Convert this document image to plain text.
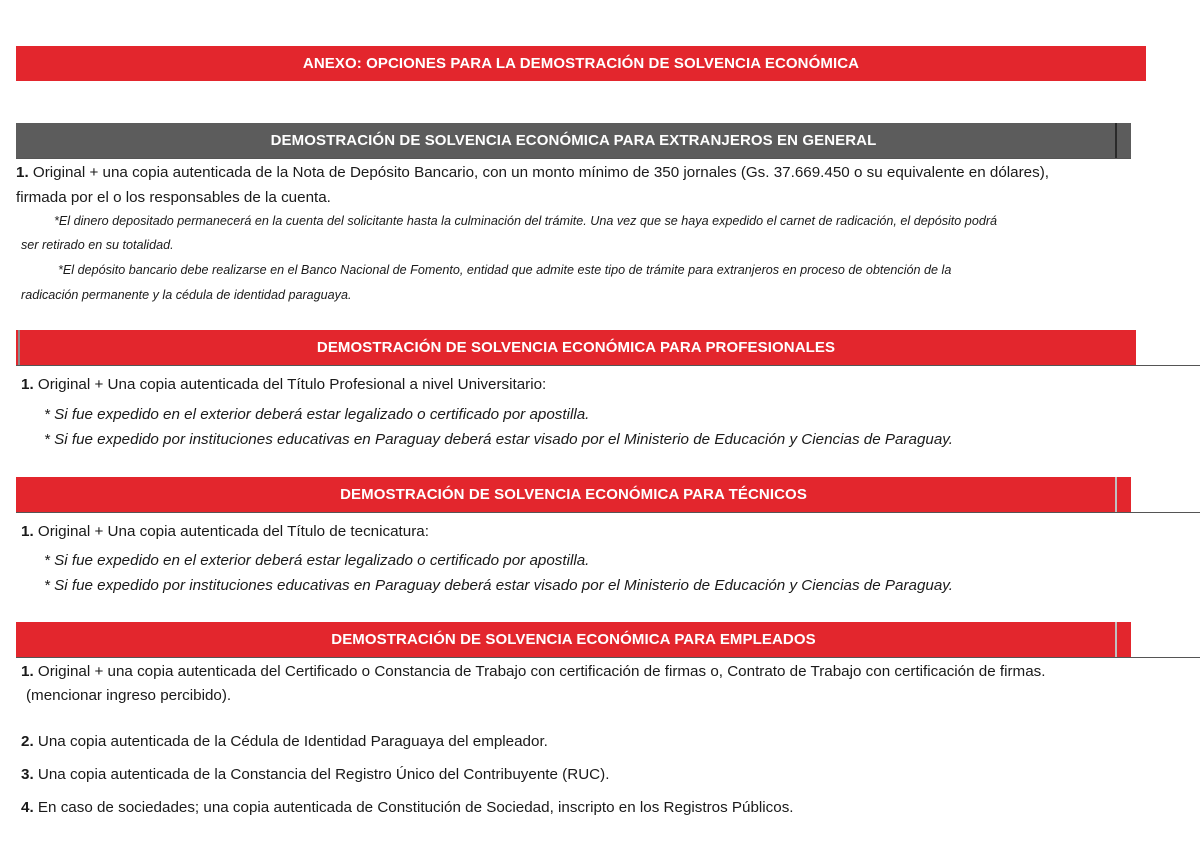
ANEXO: OPCIONES PARA LA DEMOSTRACIÓN DE SOLVENCIA ECONÓMICA
DEMOSTRACIÓN DE SOLVENCIA ECONÓMICA PARA EXTRANJEROS EN GENERAL
1. Original + una copia autenticada de la Nota de Depósito Bancario, con un monto mínimo de 350 jornales (Gs. 37.669.450 o su equivalente en dólares),
firmada por el o los responsables de la cuenta.
*El dinero depositado permanecerá en la cuenta del solicitante hasta la culminación del trámite. Una vez que se haya expedido el carnet de radicación, el depósito podrá
ser retirado en su totalidad.
*El depósito bancario debe realizarse en el Banco Nacional de Fomento, entidad que admite este tipo de trámite para extranjeros en proceso de obtención de la
radicación permanente y la cédula de identidad paraguaya.
DEMOSTRACIÓN DE SOLVENCIA ECONÓMICA PARA PROFESIONALES
1. Original + Una copia autenticada del Título Profesional a nivel Universitario:
* Si fue expedido en el exterior deberá estar legalizado o certificado por apostilla.
* Si fue expedido por instituciones educativas en Paraguay deberá estar visado por el Ministerio de Educación y Ciencias de Paraguay.
DEMOSTRACIÓN DE SOLVENCIA ECONÓMICA PARA TÉCNICOS
1. Original + Una copia autenticada del Título de tecnicatura:
* Si fue expedido en el exterior deberá estar legalizado o certificado por apostilla.
* Si fue expedido por instituciones educativas en Paraguay deberá estar visado por el Ministerio de Educación y Ciencias de Paraguay.
DEMOSTRACIÓN DE SOLVENCIA ECONÓMICA PARA EMPLEADOS
1. Original + una copia autenticada del Certificado o Constancia de Trabajo con certificación de firmas o, Contrato de Trabajo con certificación de firmas.
(mencionar ingreso percibido).
2. Una copia autenticada de la Cédula de Identidad Paraguaya del empleador.
3. Una copia autenticada de la Constancia del Registro Único del Contribuyente (RUC).
4. En caso de sociedades; una copia autenticada de Constitución de Sociedad, inscripto en los Registros Públicos.
